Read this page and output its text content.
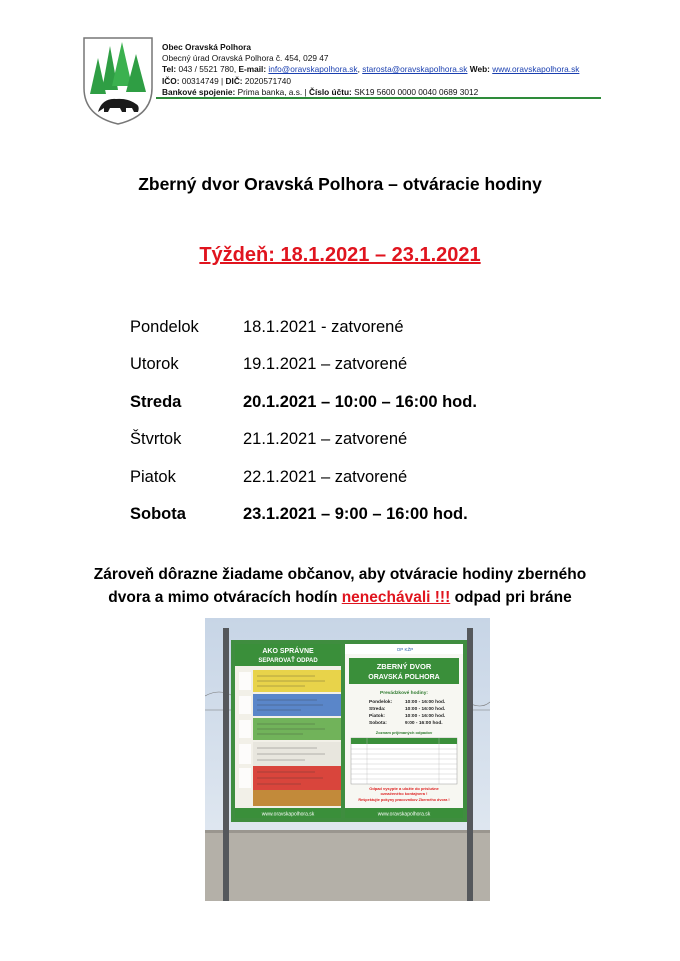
Obec Oravská Polhora
Obecný úrad Oravská Polhora č. 454, 029 47
Tel: 043 / 5521 780, E-mail: info@oravskapolhora.sk, starosta@oravskapolhora.sk Web: www.oravskapolhora.sk
IČO: 00314749 | DIČ: 2020571740
Bankové spojenie: Prima banka, a.s. | Číslo účtu: SK19 5600 0000 0040 0689 3012
Zberný dvor Oravská Polhora – otváracie hodiny
Týždeň: 18.1.2021 – 23.1.2021
Pondelok	18.1.2021 - zatvorené
Utorok	19.1.2021 – zatvorené
Streda	20.1.2021 – 10:00 – 16:00 hod.
Štvrtok	21.1.2021 – zatvorené
Piatok	22.1.2021 – zatvorené
Sobota	23.1.2021 – 9:00 – 16:00 hod.
Zároveň dôrazne žiadame občanov, aby otváracie hodiny zberného
dvora a mimo otváracích hodín nenechávali !!! odpad pri bráne
AKO SPRÁVNE
SEPAROVAŤ ODPAD
www.oravskapolhora.sk
OP KŽP
ZBERNÝ DVOR
ORAVSKÁ POLHORA
Prevádzkové hodiny:
Pondelok:	10:00 - 16:00 hod.
Streda:	10:00 - 16:00 hod.
Piatok:	10:00 - 16:00 hod.
Sobota:	9:00 - 16:00 hod.
Zoznam prijímaných odpadov
Odpad vysypte a uložte do príslušne
označeného kontajnera !
Rešpektujte pokyny pracovníkov Zberného dvora !
www.oravskapolhora.sk
